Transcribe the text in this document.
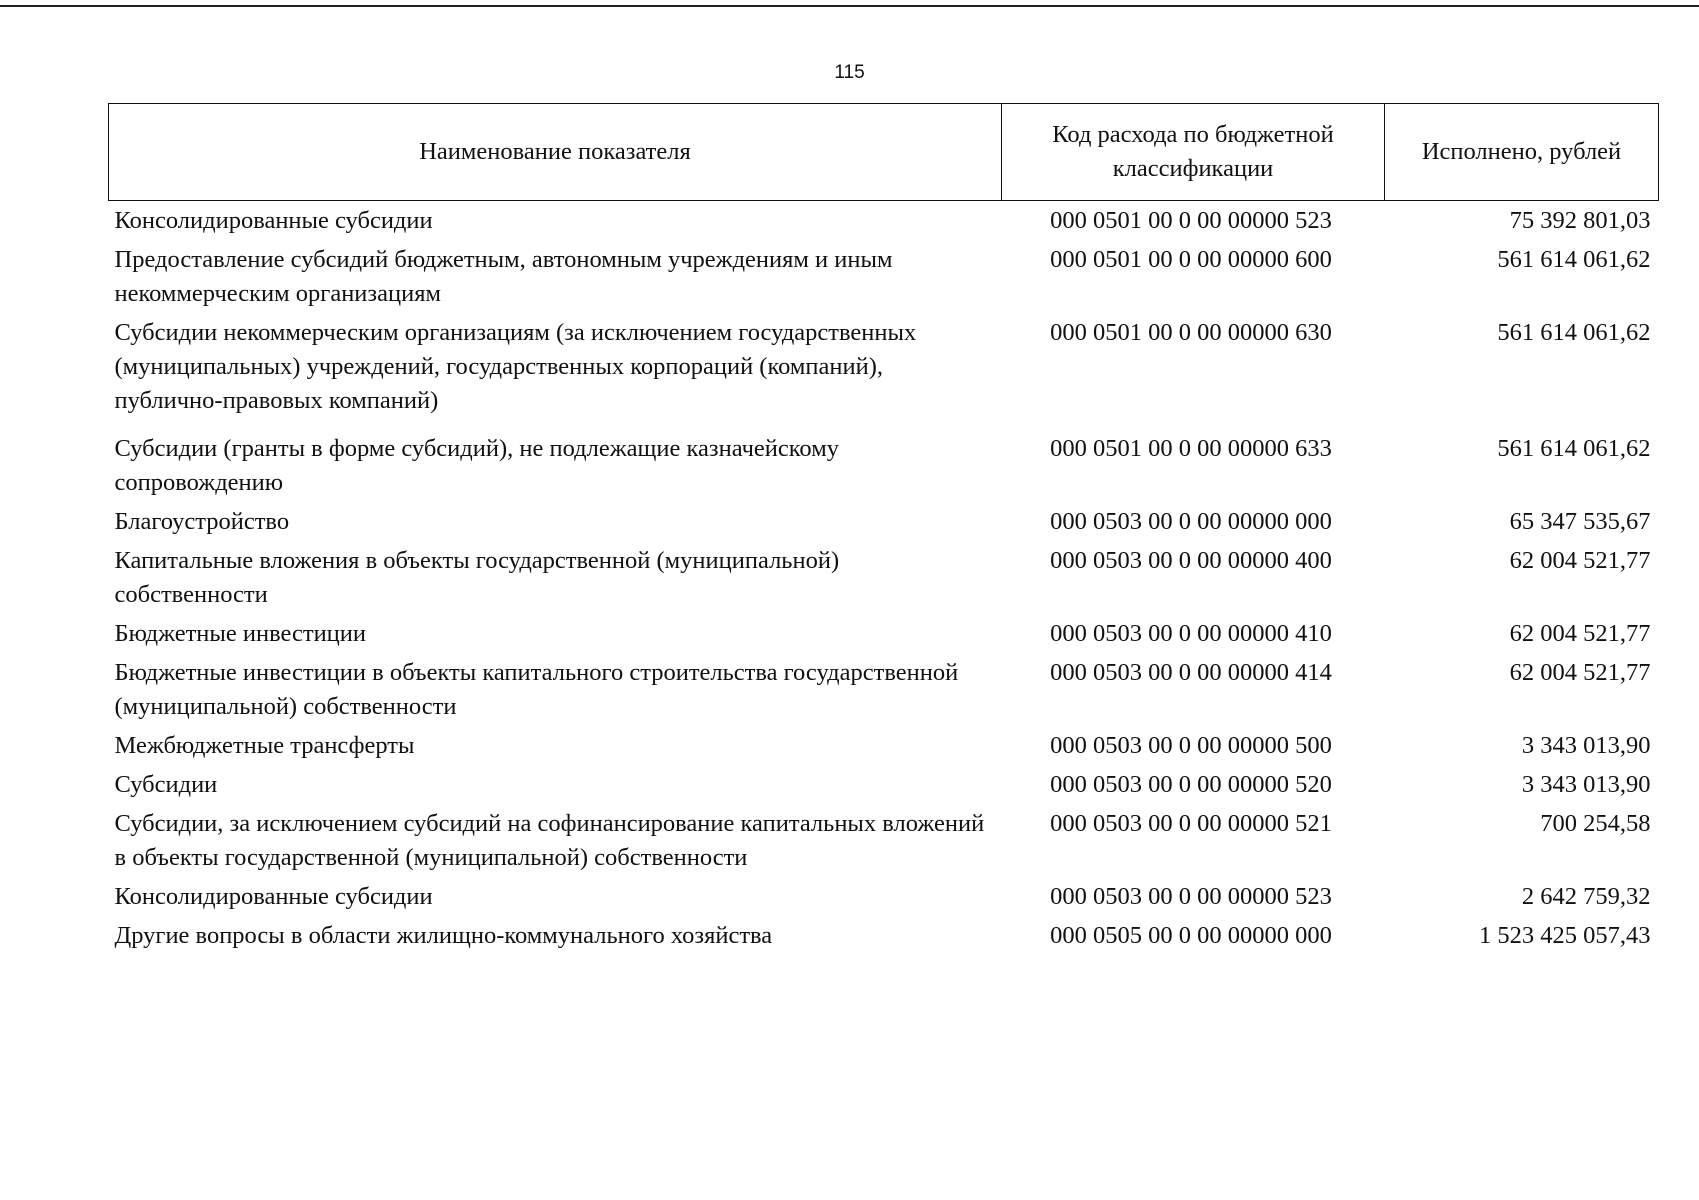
115
Наименование показателя	Код расхода по бюджетной классификации	Исполнено, рублей
Консолидированные субсидии	000 0501 00 0 00 00000 523	75 392 801,03
Предоставление субсидий бюджетным, автономным учреждениям и иным некоммерческим организациям	000 0501 00 0 00 00000 600	561 614 061,62
Субсидии некоммерческим организациям (за исключением государственных (муниципальных) учреждений, государственных корпораций (компаний), публично-правовых компаний)	000 0501 00 0 00 00000 630	561 614 061,62
Субсидии (гранты в форме субсидий), не подлежащие казначейскому сопровождению	000 0501 00 0 00 00000 633	561 614 061,62
Благоустройство	000 0503 00 0 00 00000 000	65 347 535,67
Капитальные вложения в объекты государственной (муниципальной) собственности	000 0503 00 0 00 00000 400	62 004 521,77
Бюджетные инвестиции	000 0503 00 0 00 00000 410	62 004 521,77
Бюджетные инвестиции в объекты капитального строительства государственной (муниципальной) собственности	000 0503 00 0 00 00000 414	62 004 521,77
Межбюджетные трансферты	000 0503 00 0 00 00000 500	3 343 013,90
Субсидии	000 0503 00 0 00 00000 520	3 343 013,90
Субсидии, за исключением субсидий на софинансирование капитальных вложений в объекты государственной (муниципальной) собственности	000 0503 00 0 00 00000 521	700 254,58
Консолидированные субсидии	000 0503 00 0 00 00000 523	2 642 759,32
Другие вопросы в области жилищно-коммунального хозяйства	000 0505 00 0 00 00000 000	1 523 425 057,43
